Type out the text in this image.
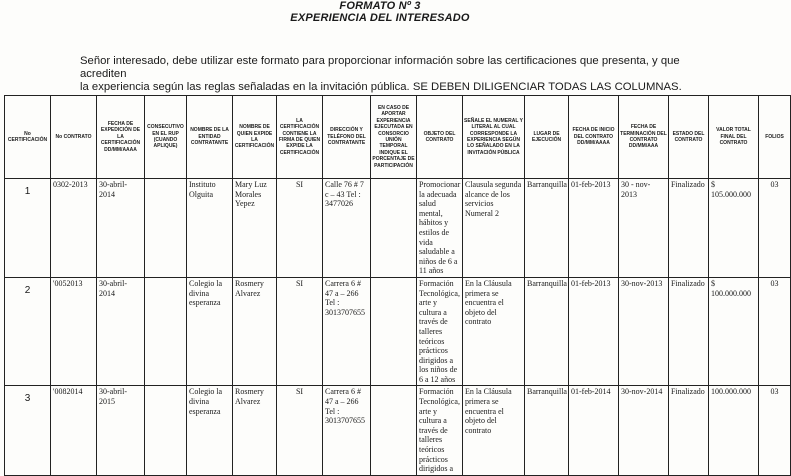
FORMATO Nº 3
EXPERIENCIA DEL INTERESADO
Señor interesado, debe utilizar este formato para proporcionar información sobre las certificaciones que presenta, y que acrediten
la experiencia según las reglas señaladas en la invitación pública. SE DEBEN DILIGENCIAR TODAS LAS COLUMNAS.
No CERTIFICACIÓN	No CONTRATO	FECHA DE EXPEDICIÓN DE LA CERTIFICACIÓN DD/MM/AAAA	CONSECUTIVO EN EL RUP (CUANDO APLIQUE)	NOMBRE DE LA ENTIDAD CONTRATANTE	NOMBRE DE QUIEN EXPIDE LA CERTIFICACIÓN	LA CERTIFICACIÓN CONTIENE LA FIRMA DE QUIEN EXPIDE LA CERTIFICACIÓN	DIRECCIÓN Y TELÉFONO DEL CONTRATANTE	EN CASO DE APORTAR EXPERIENCIA EJECUTADA EN CONSORCIO UNIÓN TEMPORAL INDIQUE EL PORCENTAJE DE PARTICIPACIÓN	OBJETO DEL CONTRATO	SEÑALE EL NUMERAL Y LITERAL AL CUAL CORRESPONDE LA EXPERIENCIA SEGÚN LO SEÑALADO EN LA INVITACIÓN PÚBLICA	LUGAR DE EJECUCIÓN	FECHA DE INICIO DEL CONTRATO DD/MM/AAAA	FECHA DE TERMINACIÓN DEL CONTRATO DD/MM/AAA	ESTADO DEL CONTRATO	VALOR TOTAL FINAL DEL CONTRATO	FOLIOS

1	0302-2013	30-abril-2014		Instituto Olguita	Mary Luz Morales Yepez	SI	Calle 76 # 7 c – 43 Tel : 3477026		Promocionar la adecuada salud mental, hábitos y estilos de vida saludable a niños de 6 a 11 años	Clausula segunda alcance de los servicios Numeral 2	Barranquilla	01-feb-2013	30 - nov- 2013	Finalizado	$ 105.000.000	03

2	'0052013	30-abril-2014		Colegio la divina esperanza	Rosmery Alvarez	SI	Carrera 6 # 47 a – 266 Tel : 3013707655		Formación Tecnológica, arte y cultura a través de talleres teóricos prácticos dirigidos a los niños de 6 a 12 años	En la Cláusula primera se encuentra el objeto del contrato	Barranquilla	01-feb-2013	30-nov-2013	Finalizado	$ 100.000.000	03

3	'0082014	30-abril-2015		Colegio la divina esperanza	Rosmery Alvarez	SI	Carrera 6 # 47 a – 266 Tel : 3013707655		Formación Tecnológica, arte y cultura a través de talleres teóricos prácticos dirigidos a	En la Cláusula primera se encuentra el objeto del contrato	Barranquilla	01-feb-2014	30-nov-2014	Finalizado	100.000.000	03
